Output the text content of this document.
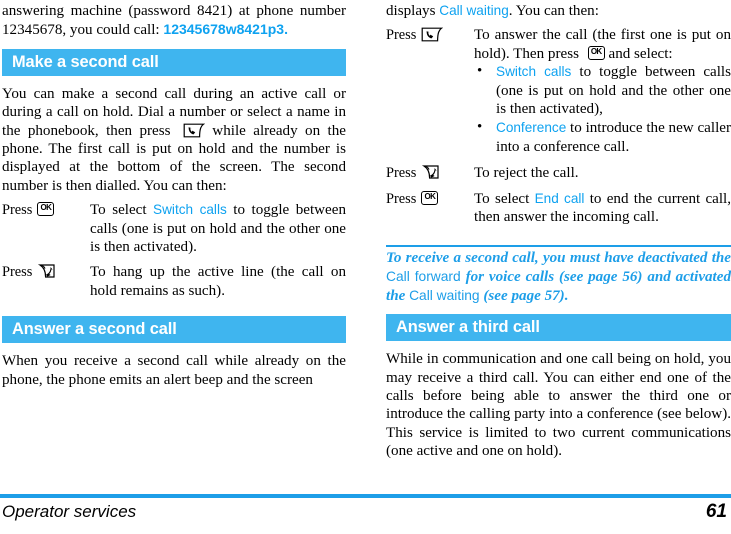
answering machine (password 8421) at phone number 12345678, you could call: 12345678w8421p3.

Make a second call

You can make a second call during an active call or during a call on hold. Dial a number or select a name in the phonebook, then press
while already on the phone. The first call is put on hold and the number is displayed at the bottom of the screen. The second number is then dialled. You can then:

PressOK	To select Switch calls to toggle between calls (one is put on hold and the other one is then activated).
Press	To hang up the active line (the call on hold remains as such).
Answer a second call

When you receive a second call while already on the phone, the phone emits an alert beep and the screen

displays Call waiting. You can then:

Press	To answer the call (the first one is put on hold). Then press OK and select:
• Switch calls to toggle between calls (one is put on hold and the other one is then activated),
• Conference to introduce the new caller into a conference call.

Press	To reject the call.
PressOK	To select End call to end the current call, then answer the incoming call.

To receive a second call, you must have deactivated the Call forward for voice calls (see page 56) and activated the Call waiting (see page 57).

Answer a third call

While in communication and one call being on hold, you may receive a third call. You can either end one of the calls before being able to answer the third one or introduce the calling party into a conference (see below). This service is limited to two current communications (one active and one on hold).

Operator services	61
